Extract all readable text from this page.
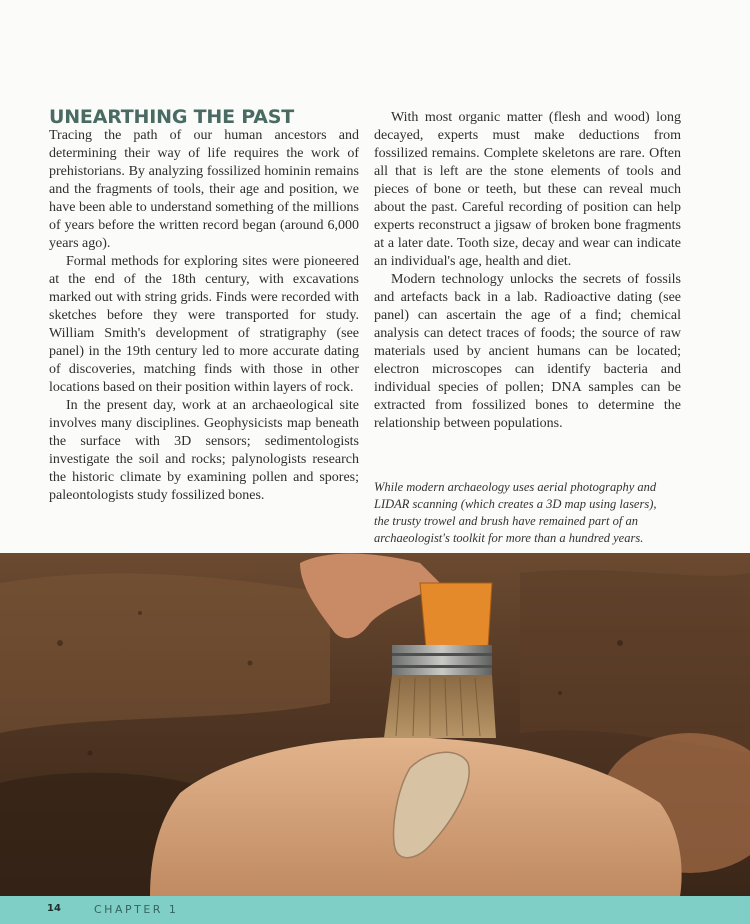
UNEARTHING THE PAST

Tracing the path of our human ancestors and determining their way of life requires the work of prehistorians. By analyzing fossilized hominin remains and the fragments of tools, their age and position, we have been able to understand something of the millions of years before the written record began (around 6,000 years ago).

Formal methods for exploring sites were pioneered at the end of the 18th century, with excavations marked out with string grids. Finds were recorded with sketches before they were transported for study. William Smith's development of stratigraphy (see panel) in the 19th century led to more accurate dating of discoveries, matching finds with those in other locations based on their position within layers of rock.

In the present day, work at an archaeological site involves many disciplines. Geophysicists map beneath the surface with 3D sensors; sedimentologists investigate the soil and rocks; palynologists research the historic climate by examining pollen and spores; paleontologists study fossilized bones.

With most organic matter (flesh and wood) long decayed, experts must make deductions from fossilized remains. Complete skeletons are rare. Often all that is left are the stone elements of tools and pieces of bone or teeth, but these can reveal much about the past. Careful recording of position can help experts reconstruct a jigsaw of broken bone fragments at a later date. Tooth size, decay and wear can indicate an individual's age, health and diet.

Modern technology unlocks the secrets of fossils and artefacts back in a lab. Radioactive dating (see panel) can ascertain the age of a find; chemical analysis can detect traces of foods; the source of raw materials used by ancient humans can be located; electron microscopes can identify bacteria and individual species of pollen; DNA samples can be extracted from fossilized bones to determine the relationship between populations.

While modern archaeology uses aerial photography and LIDAR scanning (which creates a 3D map using lasers), the trusty trowel and brush have remained part of an archaeologist's toolkit for more than a hundred years.
14	CHAPTER 1
